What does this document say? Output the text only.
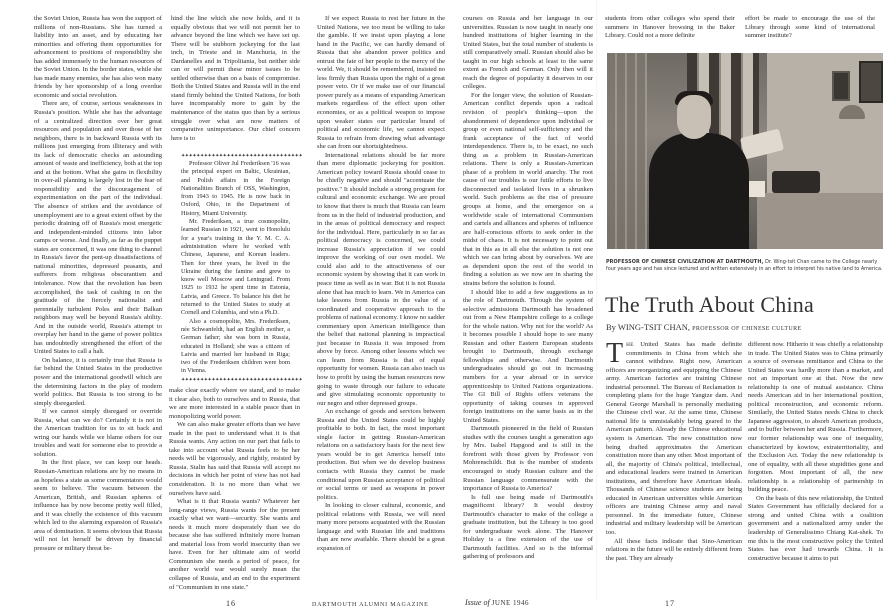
the Soviet Union, Russia has won the support of millions of non-Russians. She has turned a liability into an asset, and by educating her minorities and offering them opportunities for advancement to positions of responsibility she has added immensely to the human resources of the Soviet Union. In the border states, while she has made many enemies, she has also won many friends by her sponsorship of a long overdue economic and social revolution.

There are, of course, serious weaknesses in Russia's position. While she has the advantage of a centralized direction over her great resources and population and over those of her neighbors, there is in backward Russia with its millions just emerging from illiteracy and with its lack of democratic checks an astounding amount of waste and inefficiency, both at the top and at the bottom. What she gains in flexibility in over-all planning is largely lost in the fear of responsibility and the discouragement of experimentation on the part of the individual. The absence of strikes and the avoidance of unemployment are to a great extent offset by the periodic draining off of Russia's most energetic and independent-minded citizens into labor camps or worse. And finally, as far as the puppet states are concerned, it was one thing to channel in Russia's favor the pent-up dissatisfactions of national minorities, depressed peasants, and sufferers from religious obscurantism and intolerance. Now that the revolution has been accomplished, the task of cashing in on the gratitude of the fiercely nationalist and perennially turbulent Poles and their Balkan neighbors may well be beyond Russia's ability. And in the outside world, Russia's attempt to overplay her hand in the game of power politics has undoubtedly strengthened the effort of the United States to call a halt.

On balance, it is certainly true that Russia is far behind the United States in the productive power and the international goodwill which are the determining factors in the play of modern world politics. But Russia is too strong to be simply disregarded.

If we cannot simply disregard or override Russia, what can we do? Certainly it is not in the American tradition for us to sit back and wring our hands while we blame others for our troubles and wait for someone else to provide a solution.

In the first place, we can keep our heads. Russian-American relations are by no means in as hopeless a state as some commentators would seem to believe. The vacuum between the American, British, and Russian spheres of influence has by now become pretty well filled, and it was chiefly the existence of this vacuum which led to the alarming expansion of Russia's area of domination. It seems obvious that Russia will not let herself be driven by financial pressure or military threat be-

hind the line which she now holds, and it is equally obvious that we will not permit her to advance beyond the line which we have set up. There will be stubborn jockeying for the last inch, in Trieste and in Manchuria, in the Dardanelles and in Tripolitania, but neither side can or will permit these minor issues to be settled otherwise than on a basis of compromise. Both the United States and Russia will in the end stand firmly behind the United Nations, for both have incomparably more to gain by the maintenance of the status quo than by a serious struggle over what are now matters of comparative unimportance. Our chief concern here is to

✦✦✦✦✦✦✦✦✦✦✦✦✦✦✦✦✦✦✦✦✦✦✦✦✦✦✦✦✦✦✦✦

Professor Oliver Jul Frederiksen '16 was the principal expert on Baltic, Ukrainian, and Polish affairs in the Foreign Nationalities Branch of OSS, Washington, from 1943 to 1945. He is now back in Oxford, Ohio, in the Department of History, Miami University.

Mr. Frederiksen, a true cosmopolite, learned Russian in 1921, went to Honolulu for a year's training in the Y. M. C. A. administration where he worked with Chinese, Japanese, and Korean leaders. Then for three years, he lived in the Ukraine during the famine and grew to know well Moscow and Leningrad. From 1925 to 1932 he spent time in Estonia, Latvia, and Greece. To balance his diet he returned to the United States to study at Cornell and Columbia, and win a Ph.D.

Also a cosmopolite, Mrs. Frederiksen, née Schwanfeldt, had an English mother, a German father; she was born in Russia, educated in Holland; she was a citizen of Latvia and married her husband in Riga; two of the Frederiksen children were born in Vienna.

✦✦✦✦✦✦✦✦✦✦✦✦✦✦✦✦✦✦✦✦✦✦✦✦✦✦✦✦✦✦✦✦

make clear exactly where we stand, and to make it clear also, both to ourselves and to Russia, that we are more interested in a stable peace than in monopolizing world power.

We can also make greater efforts than we have made in the past to understand what it is that Russia wants. Any action on our part that fails to take into account what Russia feels to be her needs will be vigorously, and rightly, resisted by Russia. Stalin has said that Russia will accept no decisions in which her point of view has not had consideration. It is no more than what we ourselves have said.

What is it that Russia wants? Whatever her long-range views, Russia wants for the present exactly what we want—security. She wants and needs it much more desperately than we do because she has suffered infinitely more human and material loss from world insecurity than we have. Even for her ultimate aim of world Communism she needs a period of peace, for another world war would surely mean the collapse of Russia, and an end to the experiment of "Communism in one state."

If we expect Russia to rest her future in the United Nations, we too must be willing to take the gamble. If we insist upon playing a lone hand in the Pacific, we can hardly demand of Russia that she abandon power politics and entrust the fate of her people to the mercy of the world. We, it should be remembered, insisted no less firmly than Russia upon the right of a great power veto. Or if we make use of our financial power purely as a means of expanding American markets regardless of the effect upon other economies, or as a political weapon to impose upon weaker states our particular brand of political and economic life, we cannot expect Russia to refrain from drawing what advantage she can from our shortsightedness.

International relations should be far more than mere diplomatic jockeying for position. American policy toward Russia should cease to be chiefly negative and should "accentuate the positive." It should include a strong program for cultural and economic exchange. We are proud to know that there is much that Russia can learn from us in the field of industrial production, and in the areas of political democracy and respect for the individual. Here, particularly in so far as political democracy is concerned, we could increase Russia's appreciation if we could improve the working of our own model. We could also add to the attractiveness of our economic system by showing that it can work in peace time as well as in war. But it is not Russia alone that has much to learn. We in America can take lessons from Russia in the value of a coordinated and cooperative approach to the problems of national economy. I know no sadder commentary upon American intelligence than the belief that national planning is impractical just because in Russia it was imposed from above by force. Among other lessons which we can learn from Russia is that of equal opportunity for women. Russia can also teach us how to profit by using the human resources now going to waste through our failure to educate and give stimulating economic opportunity to our negro and other depressed groups.

An exchange of goods and services between Russia and the United States could be highly profitable to both. In fact, the most important single factor in getting Russian-American relations on a satisfactory basis for the next few years would be to get America herself into production. But when we do develop business contacts with Russia they cannot be made conditional upon Russian acceptance of political or social terms or used as weapons in power politics.

In looking to closer cultural, economic, and political relations with Russia, we will need many more persons acquainted with the Russian language and with Russian life and traditions than are now available. There should be a great expansion of

courses on Russia and her language in our universities. Russian is now taught in nearly one hundred institutions of higher learning in the United States, but the total number of students is still comparatively small. Russian should also be taught in our high schools at least to the same extent as French and German. Only then will it reach the degree of popularity it deserves in our colleges.

For the longer view, the solution of Russian-American conflict depends upon a radical revision of people's thinking—upon the abandonment of dependence upon individual or group or even national self-sufficiency and the frank acceptance of the fact of world interdependence. There is, to be exact, no such thing as a problem in Russian-American relations. There is only a Russian-American phase of a problem in world anarchy. The root cause of our troubles is our futile efforts to live disconnected and isolated lives in a shrunken world. Such problems as the rise of pressure groups at home, and the emergence on a worldwide scale of international Communism and cartels and alliances and spheres of influence are half-conscious efforts to seek order in the midst of chaos. It is not necessary to point out that in this as in all else the solution is not one which we can bring about by ourselves. We are as dependent upon the rest of the world in finding a solution as we now are in sharing the strains before the solution is found.

I should like to add a few suggestions as to the role of Dartmouth. Through the system of selective admissions Dartmouth has broadened out from a New Hampshire college to a college for the whole nation. Why not for the world? As it becomes possible I should hope to see many Russian and other Eastern European students brought to Dartmouth, through exchange fellowships and otherwise. And Dartmouth undergraduates should go out in increasing numbers for a year abroad or in service apprenticeship to United Nations organizations. The GI Bill of Rights offers veterans the opportunity of taking courses in approved foreign institutions on the same basis as in the United States.

Dartmouth pioneered in the field of Russian studies with the courses taught a generation ago by Mrs. Isabel Hapgood and is still in the forefront with those given by Professor von Mohrenschildt. But is the number of students encouraged to study Russian culture and the Russian language commensurate with the importance of Russia to America?

Is full use being made of Dartmouth's magnificent library? It would destroy Dartmouth's character to make of the college a graduate institution, but the Library is too good for undergraduate work alone. The Hanover Holiday is a fine extension of the use of Dartmouth facilities. And so is the informal gathering of professors and

students from other colleges who spend their summers in Hanover browsing in the Baker Library. Could not a more definite

effort be made to encourage the use of the Library through some kind of international summer institute?

PROFESSOR OF CHINESE CIVILIZATION AT DARTMOUTH, Dr. Wing-tsit Chan came to the College nearly four years ago and has since lectured and written extensively in an effort to interpret his native land to America.
The Truth About China
By WING-TSIT CHAN, PROFESSOR OF CHINESE CULTURE

THE United States has made definite commitments in China from which she cannot withdraw. Right now, American officers are reorganizing and equipping the Chinese army. American factories are training Chinese industrial personnel. The Bureau of Reclamation is completing plans for the huge Yangtze dam. And General George Marshall is personally mediating the Chinese civil war. At the same time, Chinese national life is unmistakably being geared to the American pattern. Already the Chinese educational system is American. The new constitution now being drafted approximates the American constitution more than any other. Most important of all, the majority of China's political, intellectual, and educational leaders were trained in American institutions, and therefore have American ideals. Thousands of Chinese science students are being educated in American universities while American officers are training Chinese army and naval personnel. In the immediate future, Chinese industrial and military leadership will be American too.

All these facts indicate that Sino-American relations in the future will be entirely different from the past. They are already

different now. Hitherto it was chiefly a relationship in trade. The United States was to China primarily a source of overseas remittance and China to the United States was hardly more than a market, and not an important one at that. Now the new relationship is one of mutual assistance. China needs American aid in her international position, political reconstruction, and economic reform. Similarly, the United States needs China to check Japanese aggression, to absorb American products, and to buffer between her and Russia. Furthermore, our former relationship was one of inequality, characterized by kowtow, extraterritoriality, and the Exclusion Act. Today the new relationship is one of equality, with all these stupidities gone and forgotten. Most important of all, the new relationship is a relationship of partnership in building peace.

On the basis of this new relationship, the United States Government has officially declared for a strong and united China with a coalition government and a nationalized army under the leadership of Generalissimo Chiang Kai-shek. To me this is the most constructive policy the United States has ever had towards China. It is constructive because it aims to put

16	DARTMOUTH ALUMNI MAGAZINE	Issue of JUNE 1946	17
